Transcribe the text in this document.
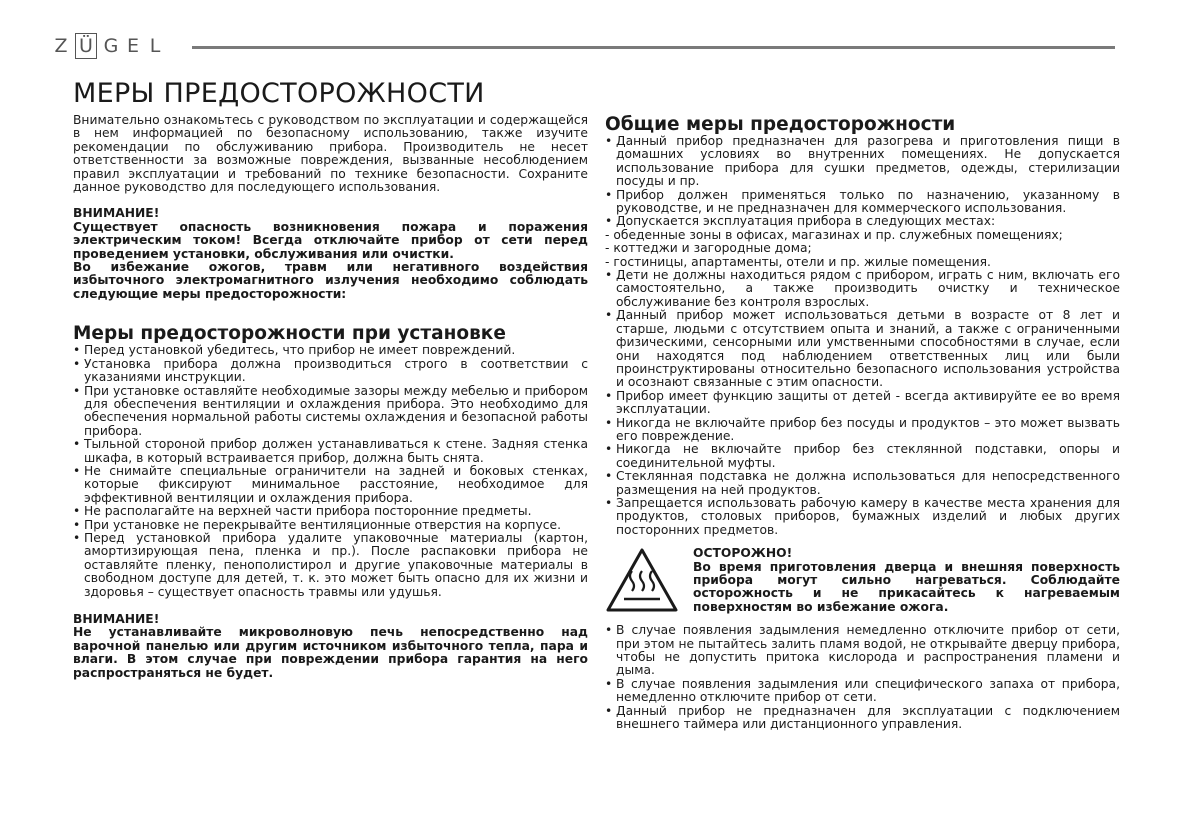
Z Ü G E L
МЕРЫ ПРЕДОСТОРОЖНОСТИ

Внимательно ознакомьтесь с руководством по эксплуатации и содержащейся в нем информацией по безопасному использованию, также изучите рекомендации по обслуживанию прибора. Производитель не несет ответственности за возможные повреждения, вызванные несоблюдением правил эксплуатации и требований по технике безопасности. Сохраните данное руководство для последующего использования.

ВНИМАНИЕ!

Существует опасность возникновения пожара и поражения электрическим током! Всегда отключайте прибор от сети перед проведением установки, обслуживания или очистки.

Во избежание ожогов, травм или негативного воздействия избыточного электромагнитного излучения необходимо соблюдать следующие меры предосторожности:

Меры предосторожности при установке
• Перед установкой убедитесь, что прибор не имеет повреждений.
• Установка прибора должна производиться строго в соответствии с указаниями инструкции.
• При установке оставляйте необходимые зазоры между мебелью и прибором для обеспечения вентиляции и охлаждения прибора. Это необходимо для обеспечения нормальной работы системы охлаждения и безопасной работы прибора.
• Тыльной стороной прибор должен устанавливаться к стене. Задняя стенка шкафа, в который встраивается прибор, должна быть снята.
• Не снимайте специальные ограничители на задней и боковых стенках, которые фиксируют минимальное расстояние, необходимое для эффективной вентиляции и охлаждения прибора.
• Не располагайте на верхней части прибора посторонние предметы.
• При установке не перекрывайте вентиляционные отверстия на корпусе.
• Перед установкой прибора удалите упаковочные материалы (картон, амортизирующая пена, пленка и пр.). После распаковки прибора не оставляйте пленку, пенополистирол и другие упаковочные материалы в свободном доступе для детей, т. к. это может быть опасно для их жизни и здоровья – существует опасность травмы или удушья.
ВНИМАНИЕ!

Не устанавливайте микроволновую печь непосредственно над варочной панелью или другим источником избыточного тепла, пара и влаги. В этом случае при повреждении прибора гарантия на него распространяться не будет.

Общие меры предосторожности
• Данный прибор предназначен для разогрева и приготовления пищи в домашних условиях во внутренних помещениях. Не допускается использование прибора для сушки предметов, одежды, стерилизации посуды и пр.
• Прибор должен применяться только по назначению, указанному в руководстве, и не предназначен для коммерческого использования.
• Допускается эксплуатация прибора в следующих местах:

- обеденные зоны в офисах, магазинах и пр. служебных помещениях;

- коттеджи и загородные дома;

- гостиницы, апартаменты, отели и пр. жилые помещения.

• Дети не должны находиться рядом с прибором, играть с ним, включать его самостоятельно, а также производить очистку и техническое обслуживание без контроля взрослых.
• Данный прибор может использоваться детьми в возрасте от 8 лет и старше, людьми с отсутствием опыта и знаний, а также с ограниченными физическими, сенсорными или умственными способностями в случае, если они находятся под наблюдением ответственных лиц или были проинструктированы относительно безопасного использования устройства и осознают связанные с этим опасности.
• Прибор имеет функцию защиты от детей - всегда активируйте ее во время эксплуатации.
• Никогда не включайте прибор без посуды и продуктов – это может вызвать его повреждение.
• Никогда не включайте прибор без стеклянной подставки, опоры и соединительной муфты.
• Стеклянная подставка не должна использоваться для непосредственного размещения на ней продуктов.
• Запрещается использовать рабочую камеру в качестве места хранения для продуктов, столовых приборов, бумажных изделий и любых других посторонних предметов.
ОСТОРОЖНО!

Во время приготовления дверца и внешняя поверхность прибора могут сильно нагреваться. Соблюдайте осторожность и не прикасайтесь к нагреваемым поверхностям во избежание ожога.

• В случае появления задымления немедленно отключите прибор от сети, при этом не пытайтесь залить пламя водой, не открывайте дверцу прибора, чтобы не допустить притока кислорода и распространения пламени и дыма.
• В случае появления задымления или специфического запаха от прибора, немедленно отключите прибор от сети.
• Данный прибор не предназначен для эксплуатации с подключением внешнего таймера или дистанционного управления.
